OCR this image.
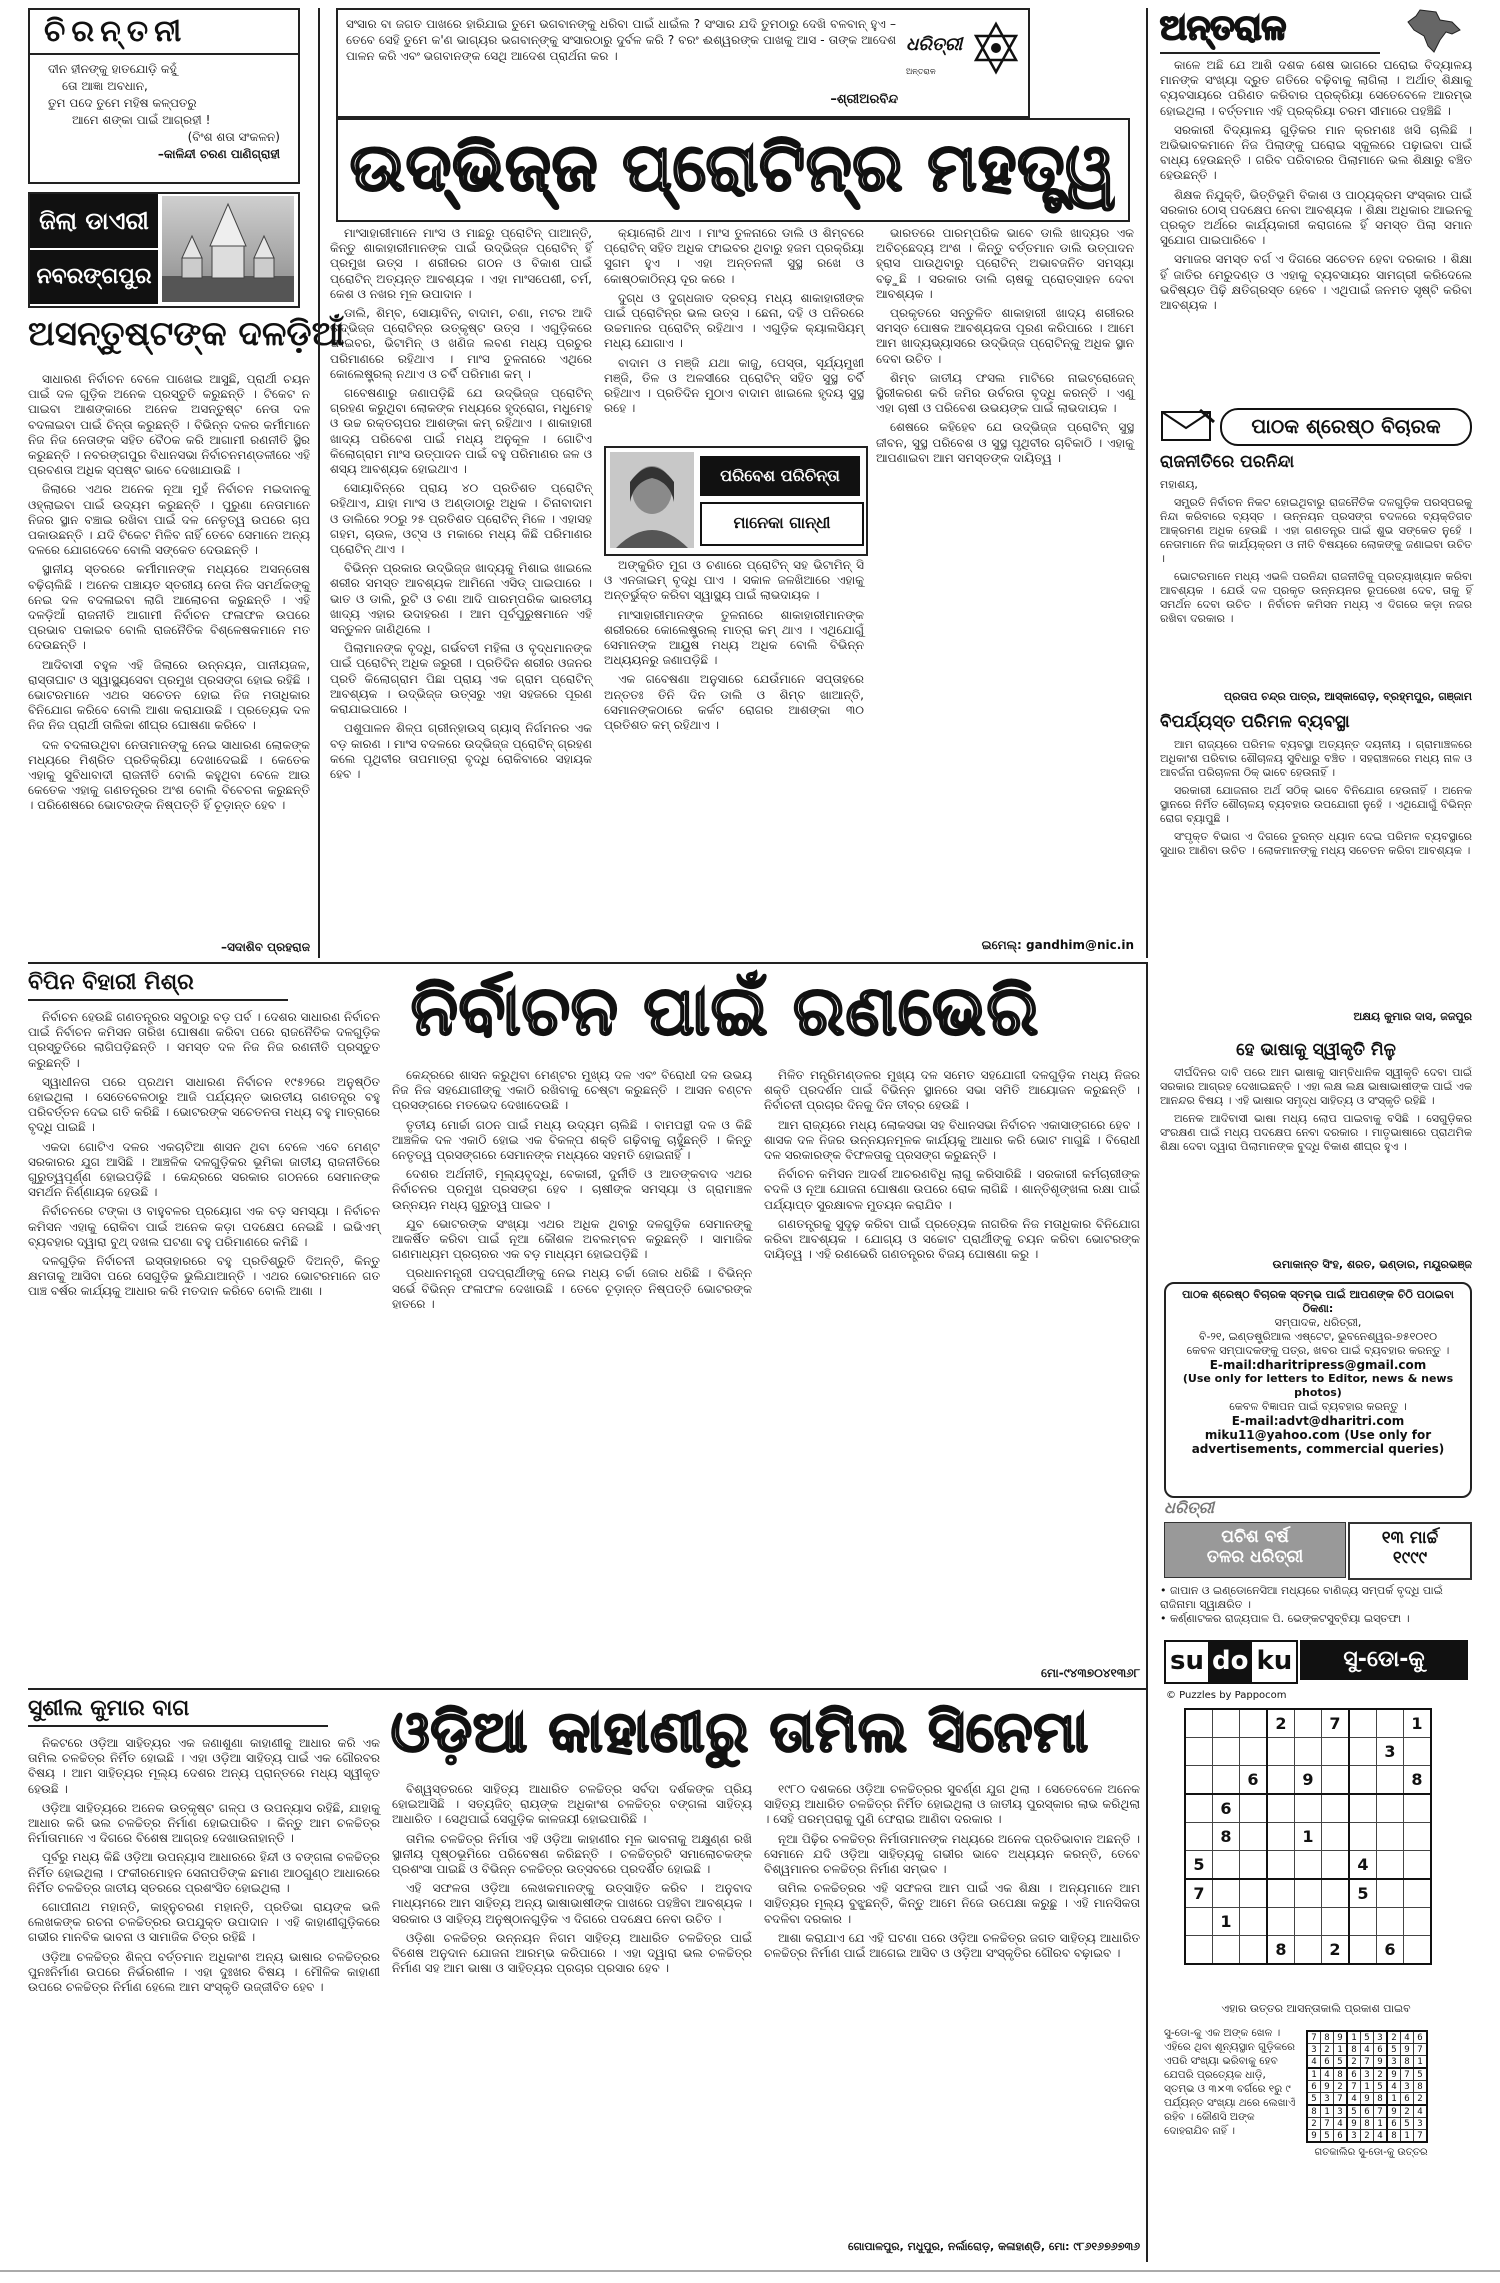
ଚିରନ୍ତନୀ
ଦୀନ ହୀନଙ୍କୁ ହାତଯୋଡ଼ି କହୁଁ
ତୋ ଆଜ୍ଞା ଅବଧାନ,
ତୁମ ପଦେ ତୁମେ ମହିଷ କଳ୍ପତରୁ
ଆମେ ଶଙ୍କା ପାଇଁ ଆଗ୍ରହୀ !
(ବିଂଶ ଶତା ସଂକଳନ)
–କାଳିନ୍ଦୀ ଚରଣ ପାଣିଗ୍ରାହୀ
ସଂସାର ବା ଜଗତ ପାଖରେ ହାରିଯାଇ ତୁମେ ଭଗବାନଙ୍କୁ ଧରିବା ପାଇଁ ଧାଇଁଲ ? ସଂସାର ଯଦି ତୁମଠାରୁ ଦେଖି ବଳବାନ୍ ହୁଏ – ତେବେ ସେହି ତୁମେ କ'ଣ ଭାଗ୍ୟର ଭଗବାନ୍‌ଙ୍କୁ ସଂସାରଠାରୁ ଦୁର୍ବଳ କରି ? ବରଂ ଈଶ୍ୱରଙ୍କ ପାଖକୁ ଆସ - ତାଙ୍କ ଆଦେଶ ପାଳନ କରି ଏବଂ ଭଗବାନଙ୍କ ସେଥି ଆଦେଶ ପ୍ରାର୍ଥନା କର ।
–ଶ୍ରୀଅରବିନ୍ଦ
ଧରିତ୍ରୀ
ଅନ୍ତରାଳ
ଉଦ୍ଭିଜ୍ଜ ପ୍ରୋଟିନ୍‌ର ମହତ୍ତ୍ୱ
ଅନ୍ତରାଳ

କାଳେ ଅଛି ଯେ ଆଶି ଦଶକ ଶେଷ ଭାଗରେ ଘରୋଇ ବିଦ୍ୟାଳୟ ମାନଙ୍କ ସଂଖ୍ୟା ଦ୍ରୁତ ଗତିରେ ବଢ଼ିବାକୁ ଲାଗିଲା । ଅର୍ଥାତ୍ ଶିକ୍ଷାକୁ ବ୍ୟବସାୟରେ ପରିଣତ କରିବାର ପ୍ରକ୍ରିୟା ସେତେବେଳେ ଆରମ୍ଭ ହୋଇଥିଲା । ବର୍ତ୍ତମାନ ଏହି ପ୍ରକ୍ରିୟା ଚରମ ସୀମାରେ ପହଞ୍ଚିଛି ।

ସରକାରୀ ବିଦ୍ୟାଳୟ ଗୁଡ଼ିକର ମାନ କ୍ରମଶଃ ଖସି ଚାଲିଛି । ଅଭିଭାବକମାନେ ନିଜ ପିଲାଙ୍କୁ ଘରୋଇ ସ୍କୁଲରେ ପଢ଼ାଇବା ପାଇଁ ବାଧ୍ୟ ହେଉଛନ୍ତି । ଗରିବ ପରିବାରର ପିଲାମାନେ ଭଲ ଶିକ୍ଷାରୁ ବଞ୍ଚିତ ହେଉଛନ୍ତି ।

ଶିକ୍ଷକ ନିଯୁକ୍ତି, ଭିତ୍ତିଭୂମି ବିକାଶ ଓ ପାଠ୍ୟକ୍ରମ ସଂସ୍କାର ପାଇଁ ସରକାର ଠୋସ୍ ପଦକ୍ଷେପ ନେବା ଆବଶ୍ୟକ । ଶିକ୍ଷା ଅଧିକାର ଆଇନକୁ ପ୍ରକୃତ ଅର୍ଥରେ କାର୍ଯ୍ୟକାରୀ କରାଗଲେ ହିଁ ସମସ୍ତ ପିଲା ସମାନ ସୁଯୋଗ ପାଇପାରିବେ ।

ସମାଜର ସମସ୍ତ ବର୍ଗ ଏ ଦିଗରେ ସଚେତନ ହେବା ଦରକାର । ଶିକ୍ଷା ହିଁ ଜାତିର ମେରୁଦଣ୍ଡ ଓ ଏହାକୁ ବ୍ୟବସାୟର ସାମଗ୍ରୀ କରିଦେଲେ ଭବିଷ୍ୟତ ପିଢ଼ି କ୍ଷତିଗ୍ରସ୍ତ ହେବେ । ଏଥିପାଇଁ ଜନମତ ସୃଷ୍ଟି କରିବା ଆବଶ୍ୟକ ।

ଜିଲା ଡାଏରୀ
ନବରଙ୍ଗପୁର
ଅସନ୍ତୁଷ୍ଟଙ୍କ ଦଳଡ଼ିଆଁ

ସାଧାରଣ ନିର୍ବାଚନ ବେଳେ ପାଖେଇ ଆସୁଛି, ପ୍ରାର୍ଥୀ ଚୟନ ପାଇଁ ଦଳ ଗୁଡ଼ିକ ଅନେକ ପ୍ରସ୍ତୁତି କରୁଛନ୍ତି । ଟିକେଟ ନ ପାଇବା ଆଶଙ୍କାରେ ଅନେକ ଅସନ୍ତୁଷ୍ଟ ନେତା ଦଳ ବଦଳାଇବା ପାଇଁ ଚିନ୍ତା କରୁଛନ୍ତି । ବିଭିନ୍ନ ଦଳର କର୍ମୀମାନେ ନିଜ ନିଜ ନେତାଙ୍କ ସହିତ ବୈଠକ କରି ଆଗାମୀ ରଣନୀତି ସ୍ଥିର କରୁଛନ୍ତି । ନବରଙ୍ଗପୁର ବିଧାନସଭା ନିର୍ବାଚନମଣ୍ଡଳୀରେ ଏହି ପ୍ରବଣତା ଅଧିକ ସ୍ପଷ୍ଟ ଭାବେ ଦେଖାଯାଉଛି ।

ଜିଲାରେ ଏଥର ଅନେକ ନୂଆ ମୁହଁ ନିର୍ବାଚନ ମଇଦାନକୁ ଓହ୍ଲାଇବା ପାଇଁ ଉଦ୍ୟମ କରୁଛନ୍ତି । ପୁରୁଣା ନେତାମାନେ ନିଜର ସ୍ଥାନ ବଞ୍ଚାଇ ରଖିବା ପାଇଁ ଦଳ ନେତୃତ୍ୱ ଉପରେ ଚାପ ପକାଉଛନ୍ତି । ଯଦି ଟିକେଟ ମିଳିବ ନାହିଁ ତେବେ ସେମାନେ ଅନ୍ୟ ଦଳରେ ଯୋଗଦେବେ ବୋଲି ସଙ୍କେତ ଦେଉଛନ୍ତି ।

ସ୍ଥାନୀୟ ସ୍ତରରେ କର୍ମୀମାନଙ୍କ ମଧ୍ୟରେ ଅସନ୍ତୋଷ ବଢ଼ିଚାଲିଛି । ଅନେକ ପଞ୍ଚାୟତ ସ୍ତରୀୟ ନେତା ନିଜ ସମର୍ଥକଙ୍କୁ ନେଇ ଦଳ ବଦଳାଇବା ଲାଗି ଆଲୋଚନା କରୁଛନ୍ତି । ଏହି ଦଳଡ଼ିଆଁ ରାଜନୀତି ଆଗାମୀ ନିର୍ବାଚନ ଫଳାଫଳ ଉପରେ ପ୍ରଭାବ ପକାଇବ ବୋଲି ରାଜନୈତିକ ବିଶ୍ଳେଷକମାନେ ମତ ଦେଉଛନ୍ତି ।

ଆଦିବାସୀ ବହୁଳ ଏହି ଜିଲାରେ ଉନ୍ନୟନ, ପାନୀୟଜଳ, ରାସ୍ତାଘାଟ ଓ ସ୍ୱାସ୍ଥ୍ୟସେବା ପ୍ରମୁଖ ପ୍ରସଙ୍ଗ ହୋଇ ରହିଛି । ଭୋଟରମାନେ ଏଥର ସଚେତନ ହୋଇ ନିଜ ମତାଧିକାର ବିନିଯୋଗ କରିବେ ବୋଲି ଆଶା କରାଯାଉଛି । ପ୍ରତ୍ୟେକ ଦଳ ନିଜ ନିଜ ପ୍ରାର୍ଥୀ ତାଲିକା ଶୀଘ୍ର ଘୋଷଣା କରିବେ ।

ଦଳ ବଦଳାଉଥିବା ନେତାମାନଙ୍କୁ ନେଇ ସାଧାରଣ ଲୋକଙ୍କ ମଧ୍ୟରେ ମିଶ୍ରିତ ପ୍ରତିକ୍ରିୟା ଦେଖାଦେଇଛି । କେତେକ ଏହାକୁ ସୁବିଧାବାଦୀ ରାଜନୀତି ବୋଲି କହୁଥିବା ବେଳେ ଆଉ କେତେକ ଏହାକୁ ଗଣତନ୍ତ୍ରର ଅଂଶ ବୋଲି ବିବେଚନା କରୁଛନ୍ତି । ପରିଶେଷରେ ଭୋଟରଙ୍କ ନିଷ୍ପତ୍ତି ହିଁ ଚୂଡ଼ାନ୍ତ ହେବ ।

–ସଦାଶିବ ପ୍ରହରାଜ

ମାଂସାହାରୀମାନେ ମାଂସ ଓ ମାଛରୁ ପ୍ରୋଟିନ୍ ପାଆନ୍ତି, କିନ୍ତୁ ଶାକାହାରୀମାନଙ୍କ ପାଇଁ ଉଦ୍ଭିଜ୍ଜ ପ୍ରୋଟିନ୍ ହିଁ ପ୍ରମୁଖ ଉତ୍ସ । ଶରୀରର ଗଠନ ଓ ବିକାଶ ପାଇଁ ପ୍ରୋଟିନ୍ ଅତ୍ୟନ୍ତ ଆବଶ୍ୟକ । ଏହା ମାଂସପେଶୀ, ଚର୍ମ, କେଶ ଓ ନଖର ମୂଳ ଉପାଦାନ ।

ଡାଲି, ଶିମ୍ବ, ସୋୟାବିନ୍, ବାଦାମ, ଚଣା, ମଟର ଆଦି ଉଦ୍ଭିଜ୍ଜ ପ୍ରୋଟିନ୍‌ର ଉତ୍କୃଷ୍ଟ ଉତ୍ସ । ଏଗୁଡ଼ିକରେ ଫାଇବର, ଭିଟାମିନ୍ ଓ ଖଣିଜ ଲବଣ ମଧ୍ୟ ପ୍ରଚୁର ପରିମାଣରେ ରହିଥାଏ । ମାଂସ ତୁଳନାରେ ଏଥିରେ କୋଲେଷ୍ଟ୍ରଲ୍ ନଥାଏ ଓ ଚର୍ବି ପରିମାଣ କମ୍ ।

ଗବେଷଣାରୁ ଜଣାପଡ଼ିଛି ଯେ ଉଦ୍ଭିଜ୍ଜ ପ୍ରୋଟିନ୍ ଗ୍ରହଣ କରୁଥିବା ଲୋକଙ୍କ ମଧ୍ୟରେ ହୃଦ୍‌ରୋଗ, ମଧୁମେହ ଓ ଉଚ୍ଚ ରକ୍ତଚାପର ଆଶଙ୍କା କମ୍ ରହିଥାଏ । ଶାକାହାରୀ ଖାଦ୍ୟ ପରିବେଶ ପାଇଁ ମଧ୍ୟ ଅନୁକୂଳ । ଗୋଟିଏ କିଲୋଗ୍ରାମ ମାଂସ ଉତ୍ପାଦନ ପାଇଁ ବହୁ ପରିମାଣର ଜଳ ଓ ଶସ୍ୟ ଆବଶ୍ୟକ ହୋଇଥାଏ ।

ସୋୟାବିନ୍‌ରେ ପ୍ରାୟ ୪୦ ପ୍ରତିଶତ ପ୍ରୋଟିନ୍ ରହିଥାଏ, ଯାହା ମାଂସ ଓ ଅଣ୍ଡାଠାରୁ ଅଧିକ । ଚିନାବାଦାମ ଓ ଡାଲିରେ ୨୦ରୁ ୨୫ ପ୍ରତିଶତ ପ୍ରୋଟିନ୍ ମିଳେ । ଏହାସହ ଗହମ, ଚାଉଳ, ଓଟ୍ସ ଓ ମକାରେ ମଧ୍ୟ କିଛି ପରିମାଣର ପ୍ରୋଟିନ୍ ଥାଏ ।

ବିଭିନ୍ନ ପ୍ରକାର ଉଦ୍ଭିଜ୍ଜ ଖାଦ୍ୟକୁ ମିଶାଇ ଖାଇଲେ ଶରୀର ସମସ୍ତ ଆବଶ୍ୟକ ଆମିନୋ ଏସିଡ୍ ପାଇପାରେ । ଭାତ ଓ ଡାଲି, ରୁଟି ଓ ଚଣା ଆଦି ପାରମ୍ପରିକ ଭାରତୀୟ ଖାଦ୍ୟ ଏହାର ଉଦାହରଣ । ଆମ ପୂର୍ବପୁରୁଷମାନେ ଏହି ସନ୍ତୁଳନ ଜାଣିଥିଲେ ।

ପିଲାମାନଙ୍କ ବୃଦ୍ଧି, ଗର୍ଭବତୀ ମହିଳା ଓ ବୃଦ୍ଧମାନଙ୍କ ପାଇଁ ପ୍ରୋଟିନ୍ ଅଧିକ ଜରୁରୀ । ପ୍ରତିଦିନ ଶରୀର ଓଜନର ପ୍ରତି କିଲୋଗ୍ରାମ ପିଛା ପ୍ରାୟ ଏକ ଗ୍ରାମ ପ୍ରୋଟିନ୍ ଆବଶ୍ୟକ । ଉଦ୍ଭିଜ୍ଜ ଉତ୍ସରୁ ଏହା ସହଜରେ ପୂରଣ କରାଯାଇପାରେ ।

ପଶୁପାଳନ ଶିଳ୍ପ ଗ୍ରୀନ୍‌ହାଉସ୍ ଗ୍ୟାସ୍ ନିର୍ଗମନର ଏକ ବଡ଼ କାରଣ । ମାଂସ ବଦଳରେ ଉଦ୍ଭିଜ୍ଜ ପ୍ରୋଟିନ୍ ଗ୍ରହଣ କଲେ ପୃଥିବୀର ତାପମାତ୍ରା ବୃଦ୍ଧି ରୋକିବାରେ ସହାୟକ ହେବ ।

କ୍ୟାଲୋରି ଥାଏ । ମାଂସ ତୁଳନାରେ ଡାଲି ଓ ଶିମ୍ବରେ ପ୍ରୋଟିନ୍ ସହିତ ଅଧିକ ଫାଇବର ଥିବାରୁ ହଜମ ପ୍ରକ୍ରିୟା ସୁଗମ ହୁଏ । ଏହା ଅନ୍ତନଳୀ ସୁସ୍ଥ ରଖେ ଓ କୋଷ୍ଠକାଠିନ୍ୟ ଦୂର କରେ ।

ଦୁଗ୍ଧ ଓ ଦୁଗ୍ଧଜାତ ଦ୍ରବ୍ୟ ମଧ୍ୟ ଶାକାହାରୀଙ୍କ ପାଇଁ ପ୍ରୋଟିନ୍‌ର ଭଲ ଉତ୍ସ । ଛେନା, ଦହି ଓ ପନିରରେ ଉଚ୍ଚମାନର ପ୍ରୋଟିନ୍ ରହିଥାଏ । ଏଗୁଡ଼ିକ କ୍ୟାଲସିୟମ୍ ମଧ୍ୟ ଯୋଗାଏ ।

ବାଦାମ ଓ ମଞ୍ଜି ଯଥା କାଜୁ, ପେସ୍ତା, ସୂର୍ଯ୍ୟମୁଖୀ ମଞ୍ଜି, ତିଳ ଓ ଅଳସୀରେ ପ୍ରୋଟିନ୍ ସହିତ ସୁସ୍ଥ ଚର୍ବି ରହିଥାଏ । ପ୍ରତିଦିନ ମୁଠାଏ ବାଦାମ ଖାଇଲେ ହୃଦୟ ସୁସ୍ଥ ରହେ ।

ଅଙ୍କୁରିତ ମୁଗ ଓ ଚଣାରେ ପ୍ରୋଟିନ୍ ସହ ଭିଟାମିନ୍ ସି ଓ ଏନଜାଇମ୍ ବୃଦ୍ଧି ପାଏ । ସକାଳ ଜଳଖିଆରେ ଏହାକୁ ଅନ୍ତର୍ଭୁକ୍ତ କରିବା ସ୍ୱାସ୍ଥ୍ୟ ପାଇଁ ଲାଭଦାୟକ ।

ମାଂସାହାରୀମାନଙ୍କ ତୁଳନାରେ ଶାକାହାରୀମାନଙ୍କ ଶରୀରରେ କୋଲେଷ୍ଟ୍ରଲ୍ ମାତ୍ରା କମ୍ ଥାଏ । ଏଥିଯୋଗୁଁ ସେମାନଙ୍କ ଆୟୁଷ ମଧ୍ୟ ଅଧିକ ବୋଲି ବିଭିନ୍ନ ଅଧ୍ୟୟନରୁ ଜଣାପଡ଼ିଛି ।

ଏକ ଗବେଷଣା ଅନୁସାରେ ଯେଉଁମାନେ ସପ୍ତାହରେ ଅନ୍ତତଃ ତିନି ଦିନ ଡାଲି ଓ ଶିମ୍ବ ଖାଆନ୍ତି, ସେମାନଙ୍କଠାରେ କର୍କଟ ରୋଗର ଆଶଙ୍କା ୩୦ ପ୍ରତିଶତ କମ୍ ରହିଥାଏ ।

ଭାରତରେ ପାରମ୍ପରିକ ଭାବେ ଡାଲି ଖାଦ୍ୟର ଏକ ଅବିଚ୍ଛେଦ୍ୟ ଅଂଶ । କିନ୍ତୁ ବର୍ତ୍ତମାନ ଡାଲି ଉତ୍ପାଦନ ହ୍ରାସ ପାଉଥିବାରୁ ପ୍ରୋଟିନ୍ ଅଭାବଜନିତ ସମସ୍ୟା ବଢ଼ୁଛି । ସରକାର ଡାଲି ଚାଷକୁ ପ୍ରୋତ୍ସାହନ ଦେବା ଆବଶ୍ୟକ ।

ପ୍ରକୃତରେ ସନ୍ତୁଳିତ ଶାକାହାରୀ ଖାଦ୍ୟ ଶରୀରର ସମସ୍ତ ପୋଷକ ଆବଶ୍ୟକତା ପୂରଣ କରିପାରେ । ଆମେ ଆମ ଖାଦ୍ୟଭ୍ୟାସରେ ଉଦ୍ଭିଜ୍ଜ ପ୍ରୋଟିନ୍‌କୁ ଅଧିକ ସ୍ଥାନ ଦେବା ଉଚିତ ।

ଶିମ୍ବ ଜାତୀୟ ଫସଲ ମାଟିରେ ନାଇଟ୍ରୋଜେନ୍ ସ୍ଥିରୀକରଣ କରି ଜମିର ଉର୍ବରତା ବୃଦ୍ଧି କରନ୍ତି । ଏଣୁ ଏହା ଚାଷୀ ଓ ପରିବେଶ ଉଭୟଙ୍କ ପାଇଁ ଲାଭଦାୟକ ।

ଶେଷରେ କହିହେବ ଯେ ଉଦ୍ଭିଜ୍ଜ ପ୍ରୋଟିନ୍ ସୁସ୍ଥ ଜୀବନ, ସୁସ୍ଥ ପରିବେଶ ଓ ସୁସ୍ଥ ପୃଥିବୀର ଚାବିକାଠି । ଏହାକୁ ଆପଣାଇବା ଆମ ସମସ୍ତଙ୍କ ଦାୟିତ୍ୱ ।

ଇମେଲ୍: gandhim@nic.in
ପରିବେଶ ପରିଚିନ୍ତା
ମାନେକା ଗାନ୍ଧୀ
ପାଠକ ଶ୍ରେଷ୍ଠ ବିଚାରକ
ରାଜନୀତିରେ ପରନିନ୍ଦା

ମହାଶୟ,

ସମ୍ପ୍ରତି ନିର୍ବାଚନ ନିକଟ ହୋଇଥିବାରୁ ରାଜନୈତିକ ଦଳଗୁଡ଼ିକ ପରସ୍ପରକୁ ନିନ୍ଦା କରିବାରେ ବ୍ୟସ୍ତ । ଉନ୍ନୟନ ପ୍ରସଙ୍ଗ ବଦଳରେ ବ୍ୟକ୍ତିଗତ ଆକ୍ରମଣ ଅଧିକ ହେଉଛି । ଏହା ଗଣତନ୍ତ୍ର ପାଇଁ ଶୁଭ ସଙ୍କେତ ନୁହେଁ । ନେତାମାନେ ନିଜ କାର୍ଯ୍ୟକ୍ରମ ଓ ନୀତି ବିଷୟରେ ଲୋକଙ୍କୁ ଜଣାଇବା ଉଚିତ ।

ଭୋଟରମାନେ ମଧ୍ୟ ଏଭଳି ପରନିନ୍ଦା ରାଜନୀତିକୁ ପ୍ରତ୍ୟାଖ୍ୟାନ କରିବା ଆବଶ୍ୟକ । ଯେଉଁ ଦଳ ପ୍ରକୃତ ଉନ୍ନୟନର ରୂପରେଖ ଦେବ, ତାକୁ ହିଁ ସମର୍ଥନ ଦେବା ଉଚିତ । ନିର୍ବାଚନ କମିସନ ମଧ୍ୟ ଏ ଦିଗରେ କଡ଼ା ନଜର ରଖିବା ଦରକାର ।

ପ୍ରତାପ ଚନ୍ଦ୍ର ପାତ୍ର, ଆସ୍କାରୋଡ଼, ବ୍ରହ୍ମପୁର, ଗଞ୍ଜାମ
ବିପର୍ଯ୍ୟସ୍ତ ପରିମଳ ବ୍ୟବସ୍ଥା

ଆମ ରାଜ୍ୟରେ ପରିମଳ ବ୍ୟବସ୍ଥା ଅତ୍ୟନ୍ତ ଦୟନୀୟ । ଗ୍ରାମାଞ୍ଚଳରେ ଅଧିକାଂଶ ପରିବାର ଶୌଚାଳୟ ସୁବିଧାରୁ ବଞ୍ଚିତ । ସହରାଞ୍ଚଳରେ ମଧ୍ୟ ନାଳ ଓ ଆବର୍ଜନା ପରିଚାଳନା ଠିକ୍ ଭାବେ ହେଉନାହିଁ ।

ସରକାରୀ ଯୋଜନାର ଅର୍ଥ ସଠିକ୍ ଭାବେ ବିନିଯୋଗ ହେଉନାହିଁ । ଅନେକ ସ୍ଥାନରେ ନିର୍ମିତ ଶୌଚାଳୟ ବ୍ୟବହାର ଉପଯୋଗୀ ନୁହେଁ । ଏଥିଯୋଗୁଁ ବିଭିନ୍ନ ରୋଗ ବ୍ୟାପୁଛି ।

ସଂପୃକ୍ତ ବିଭାଗ ଏ ଦିଗରେ ତୁରନ୍ତ ଧ୍ୟାନ ଦେଇ ପରିମଳ ବ୍ୟବସ୍ଥାରେ ସୁଧାର ଆଣିବା ଉଚିତ । ଲୋକମାନଙ୍କୁ ମଧ୍ୟ ସଚେତନ କରିବା ଆବଶ୍ୟକ ।

ଅକ୍ଷୟ କୁମାର ଦାସ, ଜଜପୁର
ହେ ଭାଷାକୁ ସ୍ୱୀକୃତି ମିଳୁ

ଦୀର୍ଘଦିନର ଦାବି ପରେ ଆମ ଭାଷାକୁ ସାମ୍ବିଧାନିକ ସ୍ୱୀକୃତି ଦେବା ପାଇଁ ସରକାର ଆଗ୍ରହ ଦେଖାଇଛନ୍ତି । ଏହା ଲକ୍ଷ ଲକ୍ଷ ଭାଷାଭାଷୀଙ୍କ ପାଇଁ ଏକ ଆନନ୍ଦର ବିଷୟ । ଏହି ଭାଷାର ସମୃଦ୍ଧ ସାହିତ୍ୟ ଓ ସଂସ୍କୃତି ରହିଛି ।

ଅନେକ ଆଦିବାସୀ ଭାଷା ମଧ୍ୟ ଲୋପ ପାଇବାକୁ ବସିଛି । ସେଗୁଡ଼ିକର ସଂରକ୍ଷଣ ପାଇଁ ମଧ୍ୟ ପଦକ୍ଷେପ ନେବା ଦରକାର । ମାତୃଭାଷାରେ ପ୍ରାଥମିକ ଶିକ୍ଷା ଦେବା ଦ୍ୱାରା ପିଲାମାନଙ୍କ ବୁଦ୍ଧି ବିକାଶ ଶୀଘ୍ର ହୁଏ ।

ଉମାକାନ୍ତ ସିଂହ, ଶରତ, ଭଣ୍ଡାର, ମୟୂରଭଞ୍ଜ
ପାଠକ ଶ୍ରେଷ୍ଠ ବିଚାରକ ସ୍ତମ୍ଭ ପାଇଁ ଆପଣଙ୍କ ଚିଠି ପଠାଇବା ଠିକଣା:
ସମ୍ପାଦକ, ଧରିତ୍ରୀ,
ବି-୨୧, ଇଣ୍ଡଷ୍ଟ୍ରିଆଲ ଏଷ୍ଟେଟ, ଭୁବନେଶ୍ୱର-୭୫୧୦୧୦
କେବଳ ସମ୍ପାଦକଙ୍କୁ ପତ୍ର, ଖବର ପାଇଁ ବ୍ୟବହାର କରନ୍ତୁ ।
E-mail:dharitripress@gmail.com
(Use only for letters to Editor, news & news photos)
କେବଳ ବିଜ୍ଞାପନ ପାଇଁ ବ୍ୟବହାର କରନ୍ତୁ ।
E-mail:advt@dharitri.com
miku11@yahoo.com (Use only for
advertisements, commercial queries)
ଧରିତ୍ରୀ
ପଚିଶ ବର୍ଷ
ତଳର ଧରିତ୍ରୀ
୧୩ ମାର୍ଚ୍ଚ
୧୯୯୯
• ଜାପାନ ଓ ଇଣ୍ଡୋନେସିଆ ମଧ୍ୟରେ ବାଣିଜ୍ୟ ସମ୍ପର୍କ ବୃଦ୍ଧି ପାଇଁ ରାଜିନାମା ସ୍ୱାକ୍ଷରିତ ।
• କର୍ଣ୍ଣାଟକର ରାଜ୍ୟପାଳ ପି. ଭେଙ୍କଟସୁବ୍ବିୟା ଇସ୍ତଫା ।
ବିପିନ ବିହାରୀ ମିଶ୍ର	ନିର୍ବାଚନ ପାଇଁ ରଣଭେରି

ନିର୍ବାଚନ ହେଉଛି ଗଣତନ୍ତ୍ରର ସବୁଠାରୁ ବଡ଼ ପର୍ବ । ଦେଶର ସାଧାରଣ ନିର୍ବାଚନ ପାଇଁ ନିର୍ବାଚନ କମିସନ ତାରିଖ ଘୋଷଣା କରିବା ପରେ ରାଜନୈତିକ ଦଳଗୁଡ଼ିକ ପ୍ରସ୍ତୁତିରେ ଲାଗିପଡ଼ିଛନ୍ତି । ସମସ୍ତ ଦଳ ନିଜ ନିଜ ରଣନୀତି ପ୍ରସ୍ତୁତ କରୁଛନ୍ତି ।

ସ୍ୱାଧୀନତା ପରେ ପ୍ରଥମ ସାଧାରଣ ନିର୍ବାଚନ ୧୯୫୨ରେ ଅନୁଷ୍ଠିତ ହୋଇଥିଲା । ସେତେବେଳଠାରୁ ଆଜି ପର୍ଯ୍ୟନ୍ତ ଭାରତୀୟ ଗଣତନ୍ତ୍ର ବହୁ ପରିବର୍ତ୍ତନ ଦେଇ ଗତି କରିଛି । ଭୋଟରଙ୍କ ସଚେତନତା ମଧ୍ୟ ବହୁ ମାତ୍ରାରେ ବୃଦ୍ଧି ପାଇଛି ।

ଏକଦା ଗୋଟିଏ ଦଳର ଏକଚାଟିଆ ଶାସନ ଥିବା ବେଳେ ଏବେ ମେଣ୍ଟ ସରକାରର ଯୁଗ ଆସିଛି । ଆଞ୍ଚଳିକ ଦଳଗୁଡ଼ିକର ଭୂମିକା ଜାତୀୟ ରାଜନୀତିରେ ଗୁରୁତ୍ୱପୂର୍ଣ୍ଣ ହୋଇପଡ଼ିଛି । କେନ୍ଦ୍ରରେ ସରକାର ଗଠନରେ ସେମାନଙ୍କ ସମର୍ଥନ ନିର୍ଣ୍ଣାୟକ ହେଉଛି ।

ନିର୍ବାଚନରେ ଟଙ୍କା ଓ ବାହୁବଳର ପ୍ରୟୋଗ ଏକ ବଡ଼ ସମସ୍ୟା । ନିର୍ବାଚନ କମିସନ ଏହାକୁ ରୋକିବା ପାଇଁ ଅନେକ କଡ଼ା ପଦକ୍ଷେପ ନେଇଛି । ଇଭିଏମ୍ ବ୍ୟବହାର ଦ୍ୱାରା ବୁଥ୍ ଦଖଲ ଘଟଣା ବହୁ ପରିମାଣରେ କମିଛି ।

ଦଳଗୁଡ଼ିକ ନିର୍ବାଚନୀ ଇସ୍ତାହାରରେ ବହୁ ପ୍ରତିଶ୍ରୁତି ଦିଅନ୍ତି, କିନ୍ତୁ କ୍ଷମତାକୁ ଆସିବା ପରେ ସେଗୁଡ଼ିକ ଭୁଲିଯାଆନ୍ତି । ଏଥର ଭୋଟରମାନେ ଗତ ପାଞ୍ଚ ବର୍ଷର କାର୍ଯ୍ୟକୁ ଆଧାର କରି ମତଦାନ କରିବେ ବୋଲି ଆଶା ।

କେନ୍ଦ୍ରରେ ଶାସନ କରୁଥିବା ମେଣ୍ଟର ମୁଖ୍ୟ ଦଳ ଏବଂ ବିରୋଧୀ ଦଳ ଉଭୟ ନିଜ ନିଜ ସହଯୋଗୀଙ୍କୁ ଏକାଠି ରଖିବାକୁ ଚେଷ୍ଟା କରୁଛନ୍ତି । ଆସନ ବଣ୍ଟନ ପ୍ରସଙ୍ଗରେ ମତଭେଦ ଦେଖାଦେଉଛି ।

ତୃତୀୟ ମୋର୍ଚ୍ଚା ଗଠନ ପାଇଁ ମଧ୍ୟ ଉଦ୍ୟମ ଚାଲିଛି । ବାମପନ୍ଥୀ ଦଳ ଓ କିଛି ଆଞ୍ଚଳିକ ଦଳ ଏକାଠି ହୋଇ ଏକ ବିକଳ୍ପ ଶକ୍ତି ଗଢ଼ିବାକୁ ଚାହୁଁଛନ୍ତି । କିନ୍ତୁ ନେତୃତ୍ୱ ପ୍ରସଙ୍ଗରେ ସେମାନଙ୍କ ମଧ୍ୟରେ ସହମତି ହୋଇନାହିଁ ।

ଦେଶର ଅର୍ଥନୀତି, ମୂଲ୍ୟବୃଦ୍ଧି, ବେକାରୀ, ଦୁର୍ନୀତି ଓ ଆତଙ୍କବାଦ ଏଥର ନିର୍ବାଚନର ପ୍ରମୁଖ ପ୍ରସଙ୍ଗ ହେବ । ଚାଷୀଙ୍କ ସମସ୍ୟା ଓ ଗ୍ରାମାଞ୍ଚଳ ଉନ୍ନୟନ ମଧ୍ୟ ଗୁରୁତ୍ୱ ପାଇବ ।

ଯୁବ ଭୋଟରଙ୍କ ସଂଖ୍ୟା ଏଥର ଅଧିକ ଥିବାରୁ ଦଳଗୁଡ଼ିକ ସେମାନଙ୍କୁ ଆକର୍ଷିତ କରିବା ପାଇଁ ନୂଆ କୌଶଳ ଅବଲମ୍ବନ କରୁଛନ୍ତି । ସାମାଜିକ ଗଣମାଧ୍ୟମ ପ୍ରଚାରର ଏକ ବଡ଼ ମାଧ୍ୟମ ହୋଇପଡ଼ିଛି ।

ପ୍ରଧାନମନ୍ତ୍ରୀ ପଦପ୍ରାର୍ଥୀଙ୍କୁ ନେଇ ମଧ୍ୟ ଚର୍ଚ୍ଚା ଜୋର ଧରିଛି । ବିଭିନ୍ନ ସର୍ଭେ ବିଭିନ୍ନ ଫଳାଫଳ ଦେଖାଉଛି । ତେବେ ଚୂଡ଼ାନ୍ତ ନିଷ୍ପତ୍ତି ଭୋଟରଙ୍କ ହାତରେ ।

ମିଳିତ ମନ୍ତ୍ରିମଣ୍ଡଳର ମୁଖ୍ୟ ଦଳ ସମେତ ସହଯୋଗୀ ଦଳଗୁଡ଼ିକ ମଧ୍ୟ ନିଜର ଶକ୍ତି ପ୍ରଦର୍ଶନ ପାଇଁ ବିଭିନ୍ନ ସ୍ଥାନରେ ସଭା ସମିତି ଆୟୋଜନ କରୁଛନ୍ତି । ନିର୍ବାଚନୀ ପ୍ରଚାର ଦିନକୁ ଦିନ ତୀବ୍ର ହେଉଛି ।

ଆମ ରାଜ୍ୟରେ ମଧ୍ୟ ଲୋକସଭା ସହ ବିଧାନସଭା ନିର୍ବାଚନ ଏକାସାଙ୍ଗରେ ହେବ । ଶାସକ ଦଳ ନିଜର ଉନ୍ନୟନମୂଳକ କାର୍ଯ୍ୟକୁ ଆଧାର କରି ଭୋଟ ମାଗୁଛି । ବିରୋଧୀ ଦଳ ସରକାରଙ୍କ ବିଫଳତାକୁ ପ୍ରସଙ୍ଗ କରୁଛନ୍ତି ।

ନିର୍ବାଚନ କମିସନ ଆଦର୍ଶ ଆଚରଣବିଧି ଲାଗୁ କରିସାରିଛି । ସରକାରୀ କର୍ମଚାରୀଙ୍କ ବଦଳି ଓ ନୂଆ ଯୋଜନା ଘୋଷଣା ଉପରେ ରୋକ ଲାଗିଛି । ଶାନ୍ତିଶୃଙ୍ଖଳା ରକ୍ଷା ପାଇଁ ପର୍ଯ୍ୟାପ୍ତ ସୁରକ୍ଷାବଳ ମୁତୟନ କରାଯିବ ।

ଗଣତନ୍ତ୍ରକୁ ସୁଦୃଢ଼ କରିବା ପାଇଁ ପ୍ରତ୍ୟେକ ନାଗରିକ ନିଜ ମତାଧିକାର ବିନିଯୋଗ କରିବା ଆବଶ୍ୟକ । ଯୋଗ୍ୟ ଓ ସଚ୍ଚୋଟ ପ୍ରାର୍ଥୀଙ୍କୁ ଚୟନ କରିବା ଭୋଟରଙ୍କ ଦାୟିତ୍ୱ । ଏହି ରଣଭେରି ଗଣତନ୍ତ୍ରର ବିଜୟ ଘୋଷଣା କରୁ ।

ମୋ-୯୪୩୭୦୪୧୩୬୮
ସୁଶୀଲ କୁମାର ବାଗ	ଓଡ଼ିଆ କାହାଣୀରୁ ତାମିଲ ସିନେମା

ନିକଟରେ ଓଡ଼ିଆ ସାହିତ୍ୟର ଏକ ଜଣାଶୁଣା କାହାଣୀକୁ ଆଧାର କରି ଏକ ତାମିଲ ଚଳଚ୍ଚିତ୍ର ନିର୍ମିତ ହୋଇଛି । ଏହା ଓଡ଼ିଆ ସାହିତ୍ୟ ପାଇଁ ଏକ ଗୌରବର ବିଷୟ । ଆମ ସାହିତ୍ୟର ମୂଲ୍ୟ ଦେଶର ଅନ୍ୟ ପ୍ରାନ୍ତରେ ମଧ୍ୟ ସ୍ୱୀକୃତ ହେଉଛି ।

ଓଡ଼ିଆ ସାହିତ୍ୟରେ ଅନେକ ଉତ୍କୃଷ୍ଟ ଗଳ୍ପ ଓ ଉପନ୍ୟାସ ରହିଛି, ଯାହାକୁ ଆଧାର କରି ଭଲ ଚଳଚ୍ଚିତ୍ର ନିର୍ମାଣ ହୋଇପାରିବ । କିନ୍ତୁ ଆମ ଚଳଚ୍ଚିତ୍ର ନିର୍ମାତାମାନେ ଏ ଦିଗରେ ବିଶେଷ ଆଗ୍ରହ ଦେଖାଉନାହାନ୍ତି ।

ପୂର୍ବରୁ ମଧ୍ୟ କିଛି ଓଡ଼ିଆ ଉପନ୍ୟାସ ଆଧାରରେ ହିନ୍ଦୀ ଓ ବଙ୍ଗଳା ଚଳଚ୍ଚିତ୍ର ନିର୍ମିତ ହୋଇଥିଲା । ଫକୀରମୋହନ ସେନାପତିଙ୍କ ଛମାଣ ଆଠଗୁଣ୍ଠ ଆଧାରରେ ନିର୍ମିତ ଚଳଚ୍ଚିତ୍ର ଜାତୀୟ ସ୍ତରରେ ପ୍ରଶଂସିତ ହୋଇଥିଲା ।

ଗୋପୀନାଥ ମହାନ୍ତି, କାହ୍ନୁଚରଣ ମହାନ୍ତି, ପ୍ରତିଭା ରାୟଙ୍କ ଭଳି ଲେଖକଙ୍କ ରଚନା ଚଳଚ୍ଚିତ୍ରର ଉପଯୁକ୍ତ ଉପାଦାନ । ଏହି କାହାଣୀଗୁଡ଼ିକରେ ଗଭୀର ମାନବିକ ଭାବନା ଓ ସାମାଜିକ ଚିତ୍ର ରହିଛି ।

ଓଡ଼ିଆ ଚଳଚ୍ଚିତ୍ର ଶିଳ୍ପ ବର୍ତ୍ତମାନ ଅଧିକାଂଶ ଅନ୍ୟ ଭାଷାର ଚଳଚ୍ଚିତ୍ରର ପୁନଃନିର୍ମାଣ ଉପରେ ନିର୍ଭରଶୀଳ । ଏହା ଦୁଃଖର ବିଷୟ । ମୌଳିକ କାହାଣୀ ଉପରେ ଚଳଚ୍ଚିତ୍ର ନିର୍ମାଣ ହେଲେ ଆମ ସଂସ୍କୃତି ଉଜ୍ଜୀବିତ ହେବ ।

ବିଶ୍ୱସ୍ତରରେ ସାହିତ୍ୟ ଆଧାରିତ ଚଳଚ୍ଚିତ୍ର ସର୍ବଦା ଦର୍ଶକଙ୍କ ପ୍ରିୟ ହୋଇଆସିଛି । ସତ୍ୟଜିତ୍ ରାୟଙ୍କ ଅଧିକାଂଶ ଚଳଚ୍ଚିତ୍ର ବଙ୍ଗଳା ସାହିତ୍ୟ ଆଧାରିତ । ସେଥିପାଇଁ ସେଗୁଡ଼ିକ କାଳଜୟୀ ହୋଇପାରିଛି ।

ତାମିଲ ଚଳଚ୍ଚିତ୍ର ନିର୍ମାତା ଏହି ଓଡ଼ିଆ କାହାଣୀର ମୂଳ ଭାବନାକୁ ଅକ୍ଷୁଣ୍ଣ ରଖି ସ୍ଥାନୀୟ ପୃଷ୍ଠଭୂମିରେ ପରିବେଷଣ କରିଛନ୍ତି । ଚଳଚ୍ଚିତ୍ରଟି ସମାଲୋଚକଙ୍କ ପ୍ରଶଂସା ପାଇଛି ଓ ବିଭିନ୍ନ ଚଳଚ୍ଚିତ୍ର ଉତ୍ସବରେ ପ୍ରଦର୍ଶିତ ହୋଇଛି ।

ଏହି ସଫଳତା ଓଡ଼ିଆ ଲେଖକମାନଙ୍କୁ ଉତ୍ସାହିତ କରିବ । ଅନୁବାଦ ମାଧ୍ୟମରେ ଆମ ସାହିତ୍ୟ ଅନ୍ୟ ଭାଷାଭାଷୀଙ୍କ ପାଖରେ ପହଞ୍ଚିବା ଆବଶ୍ୟକ । ସରକାର ଓ ସାହିତ୍ୟ ଅନୁଷ୍ଠାନଗୁଡ଼ିକ ଏ ଦିଗରେ ପଦକ୍ଷେପ ନେବା ଉଚିତ ।

ଓଡ଼ିଶା ଚଳଚ୍ଚିତ୍ର ଉନ୍ନୟନ ନିଗମ ସାହିତ୍ୟ ଆଧାରିତ ଚଳଚ୍ଚିତ୍ର ପାଇଁ ବିଶେଷ ଅନୁଦାନ ଯୋଜନା ଆରମ୍ଭ କରିପାରେ । ଏହା ଦ୍ୱାରା ଭଲ ଚଳଚ୍ଚିତ୍ର ନିର୍ମାଣ ସହ ଆମ ଭାଷା ଓ ସାହିତ୍ୟର ପ୍ରଚାର ପ୍ରସାର ହେବ ।

୧୯୮୦ ଦଶକରେ ଓଡ଼ିଆ ଚଳଚ୍ଚିତ୍ରର ସୁବର୍ଣ୍ଣ ଯୁଗ ଥିଲା । ସେତେବେଳେ ଅନେକ ସାହିତ୍ୟ ଆଧାରିତ ଚଳଚ୍ଚିତ୍ର ନିର୍ମିତ ହୋଇଥିଲା ଓ ଜାତୀୟ ପୁରସ୍କାର ଲାଭ କରିଥିଲା । ସେହି ପରମ୍ପରାକୁ ପୁଣି ଫେରାଇ ଆଣିବା ଦରକାର ।

ନୂଆ ପିଢ଼ିର ଚଳଚ୍ଚିତ୍ର ନିର୍ମାତାମାନଙ୍କ ମଧ୍ୟରେ ଅନେକ ପ୍ରତିଭାବାନ ଅଛନ୍ତି । ସେମାନେ ଯଦି ଓଡ଼ିଆ ସାହିତ୍ୟକୁ ଗଭୀର ଭାବେ ଅଧ୍ୟୟନ କରନ୍ତି, ତେବେ ବିଶ୍ୱମାନର ଚଳଚ୍ଚିତ୍ର ନିର୍ମାଣ ସମ୍ଭବ ।

ତାମିଲ ଚଳଚ୍ଚିତ୍ରର ଏହି ସଫଳତା ଆମ ପାଇଁ ଏକ ଶିକ୍ଷା । ଅନ୍ୟମାନେ ଆମ ସାହିତ୍ୟର ମୂଲ୍ୟ ବୁଝୁଛନ୍ତି, କିନ୍ତୁ ଆମେ ନିଜେ ଉପେକ୍ଷା କରୁଛୁ । ଏହି ମାନସିକତା ବଦଳିବା ଦରକାର ।

ଆଶା କରାଯାଏ ଯେ ଏହି ଘଟଣା ପରେ ଓଡ଼ିଆ ଚଳଚ୍ଚିତ୍ର ଜଗତ ସାହିତ୍ୟ ଆଧାରିତ ଚଳଚ୍ଚିତ୍ର ନିର୍ମାଣ ପାଇଁ ଆଗେଇ ଆସିବ ଓ ଓଡ଼ିଆ ସଂସ୍କୃତିର ଗୌରବ ବଢ଼ାଇବ ।

ଗୋପାଳପୁର, ମଧୁପୁର, ନର୍ଲାରୋଡ଼, କଳାହାଣ୍ଡି, ମୋ: ୯୮୬୧୬୭୬୭୩୬
su do ku	ସୁ-ଡୋ-କୁ
© Puzzles by Pappocom
			2		7			1
							3	
		6		9				8
	6							
	8			1				
5						4		
7						5		
	1							
			8		2		6	
ଏହାର ଉତ୍ତର ଆସନ୍ତାକାଲି ପ୍ରକାଶ ପାଇବ
ସୁ-ଡୋ-କୁ ଏକ ଅଙ୍କ ଖେଳ । ଏହିରେ ଥିବା ଶୂନ୍ୟସ୍ଥାନ ଗୁଡ଼ିକରେ ଏପରି ସଂଖ୍ୟା ଭରିବାକୁ ହେବ ଯେପରି ପ୍ରତ୍ୟେକ ଧାଡ଼ି, ସ୍ତମ୍ଭ ଓ ୩×୩ ବର୍ଗରେ ୧ରୁ ୯ ପର୍ଯ୍ୟନ୍ତ ସଂଖ୍ୟା ଥରେ ଲେଖାଏଁ ରହିବ । କୌଣସି ଅଙ୍କ ଦୋହରାଯିବ ନାହିଁ ।
7	8	9	1	5	3	2	4	6
3	2	1	8	4	6	5	9	7
4	6	5	2	7	9	3	8	1
1	4	8	6	3	2	9	7	5
6	9	2	7	1	5	4	3	8
5	3	7	4	9	8	1	6	2
8	1	3	5	6	7	9	2	4
2	7	4	9	8	1	6	5	3
9	5	6	3	2	4	8	1	7
ଗତକାଲିର ସୁ-ଡୋ-କୁ ଉତ୍ତର
